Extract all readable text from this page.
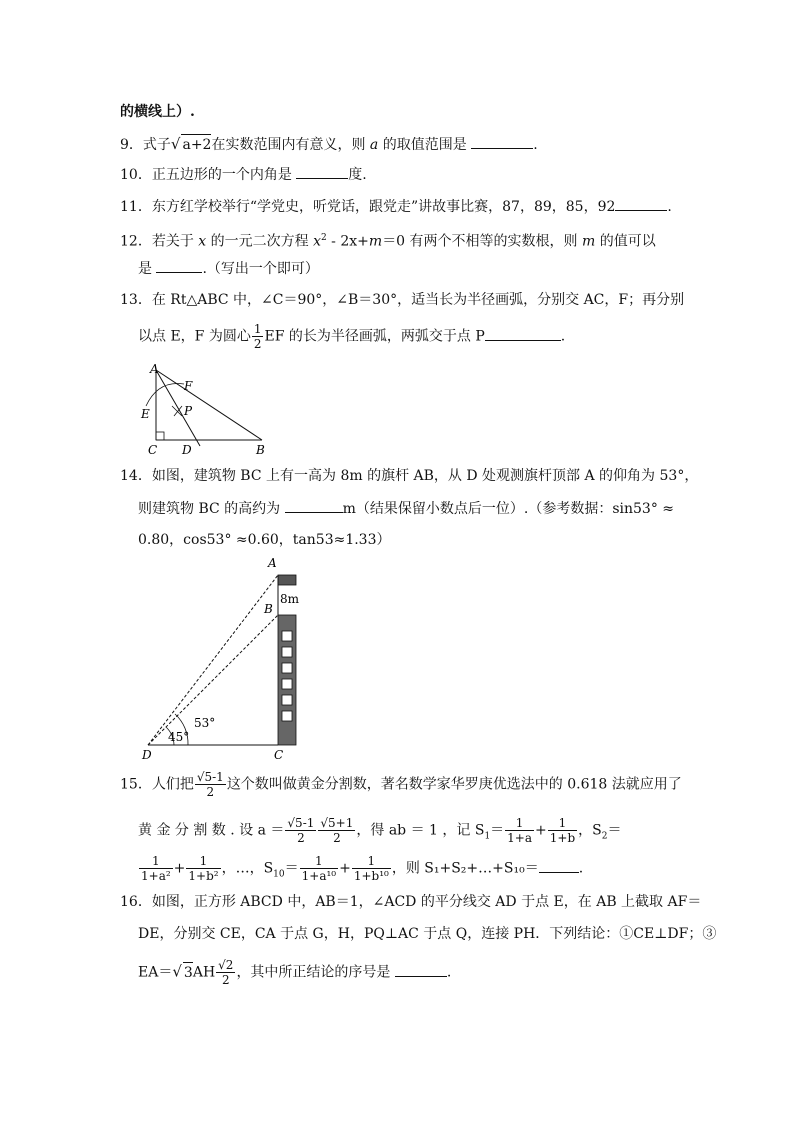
的横线上）.
9．式子√ a+2在实数范围内有意义，则 a 的取值范围是	.
10．正五边形的一个内角是	度.
11．东方红学校举行“学党史，听党话，跟党走”讲故事比赛，87，89，85，92	.
12．若关于 x 的一元二次方程 $x^2 - 2x+m=0$ 有两个不相等的实数根，则 m 的值可以
是	.（写出一个即可）
13．在 Rt△ABC 中，∠C＝90°，∠B＝30°，适当长为半径画弧，分别交 AC，F；再分别
以点 E，F 为圆心 $\frac{1}{2}$ EF 的长为半径画弧，两弧交于点 P	.
A
F
E	P
C D	B
14．如图，建筑物 BC 上有一高为 8m 的旗杆 AB，从 D 处观测旗杆顶部 A 的仰角为 53°，
则建筑物 BC 的高约为	m（结果保留小数点后一位）.（参考数据：sin53° ≈
0.80，cos53° ≈0.60，tan53≈1.33）
A
B
8m
53°
45°
D	C
15．人们把 $\frac{√5-1}{2}$ 这个数叫做黄金分割数，著名数学家华罗庚优选法中的 0.618 法就应用了
黄 金 分 割 数 . 设 $a = \frac{√5-1}{2} \frac{√5+1}{2}$ ，得 ab ＝ 1 ，记 $S_1= \frac{1}{1+a} + \frac{1}{1+b}$ ，$S_2=$
$\frac{1}{\text{1+a²}} + \frac{1}{\text{1+b²}}$ ，…，$S_{10}= \frac{1}{\text{1+a¹⁰}} + \frac{1}{\text{1+b¹⁰}}$ ，则 S₁+S₂+…+S₁₀＝	.
16．如图，正方形 ABCD 中，AB＝1，∠ACD 的平分线交 AD 于点 E，在 AB 上截取 AF＝
DE，分别交 CE，CA 于点 G，H，PQ⊥AC 于点 Q，连接 PH．下列结论：①CE⊥DF；③
EA＝√ $3AH \frac{√2}{2}$ ，其中所正结论的序号是	.
